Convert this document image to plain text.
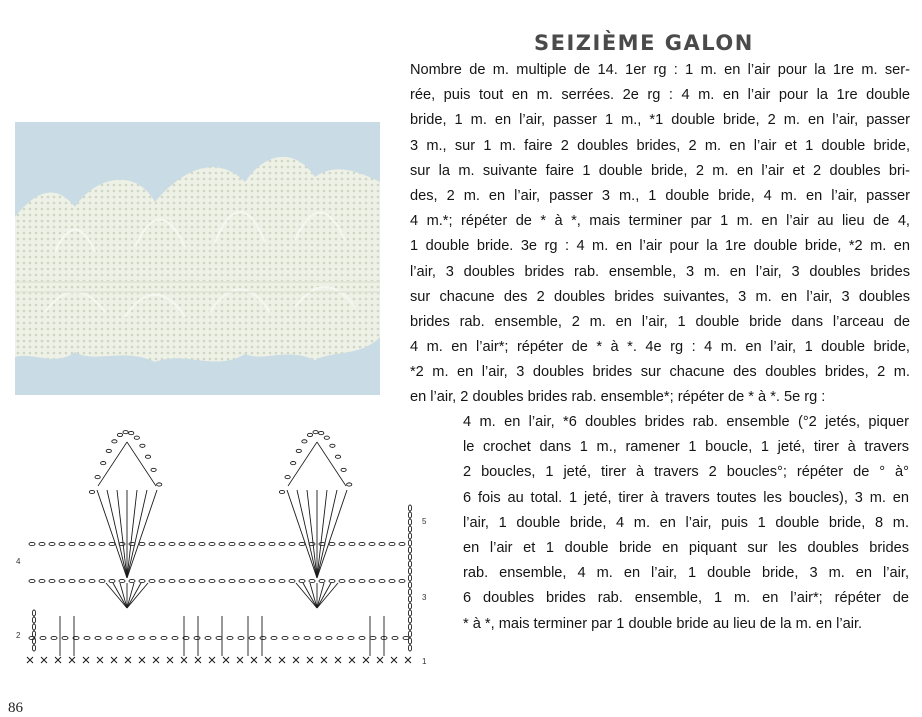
SEIZIÈME GALON
Nombre de m. multiple de 14. 1er rg : 1 m. en l’air pour la 1re m. ser-
rée, puis tout en m. serrées. 2e rg : 4 m. en l’air pour la 1re double
bride, 1 m. en l’air, passer 1 m., *1 double bride, 2 m. en l’air, passer
3 m., sur 1 m. faire 2 doubles brides, 2 m. en l’air et 1 double bride,
sur la m. suivante faire 1 double bride, 2 m. en l’air et 2 doubles bri-
des, 2 m. en l’air, passer 3 m., 1 double bride, 4 m. en l’air, passer
4 m.*; répéter de * à *, mais terminer par 1 m. en l’air au lieu de 4,
1 double bride. 3e rg : 4 m. en l’air pour la 1re double bride, *2 m. en
l’air, 3 doubles brides rab. ensemble, 3 m. en l’air, 3 doubles brides
sur chacune des 2 doubles brides suivantes, 3 m. en l’air, 3 doubles
brides rab. ensemble, 2 m. en l’air, 1 double bride dans l’arceau de
4 m. en l’air*; répéter de * à *. 4e rg : 4 m. en l’air, 1 double bride,
*2 m. en l’air, 3 doubles brides sur chacune des doubles brides, 2 m.
en l’air, 2 doubles brides rab. ensemble*; répéter de * à *. 5e rg :
4 m. en l’air, *6 doubles brides rab. ensemble (°2 jetés, piquer
le crochet dans 1 m., ramener 1 boucle, 1 jeté, tirer à travers
2 boucles, 1 jeté, tirer à travers 2 boucles°; répéter de ° à°
6 fois au total. 1 jeté, tirer à travers toutes les boucles), 3 m. en
l’air, 1 double bride, 4 m. en l’air, puis 1 double bride, 8 m.
en l’air et 1 double bride en piquant sur les doubles brides
rab. ensemble, 4 m. en l’air, 1 double bride, 3 m. en l’air,
6 doubles brides rab. ensemble, 1 m. en l’air*; répéter de
* à *, mais terminer par 1 double bride au lieu de la m. en l’air.
4
2
5
3
1
86
